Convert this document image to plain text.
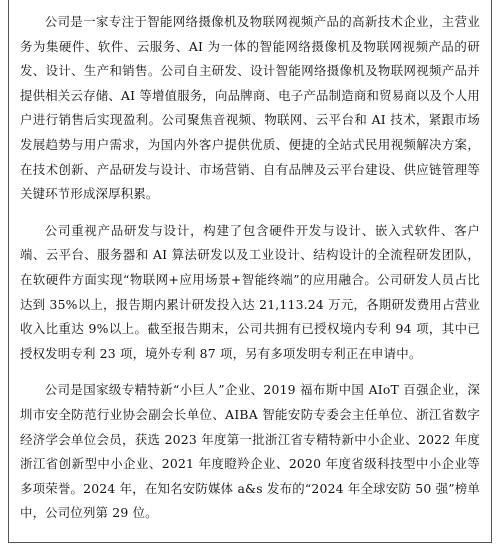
公司是一家专注于智能网络摄像机及物联网视频产品的高新技术企业，主营业务为集硬件、软件、云服务、AI 为一体的智能网络摄像机及物联网视频产品的研发、设计、生产和销售。公司自主研发、设计智能网络摄像机及物联网视频产品并提供相关云存储、AI 等增值服务，向品牌商、电子产品制造商和贸易商以及个人用户进行销售后实现盈利。公司聚焦音视频、物联网、云平台和 AI 技术，紧跟市场发展趋势与用户需求，为国内外客户提供优质、便捷的全站式民用视频解决方案，在技术创新、产品研发与设计、市场营销、自有品牌及云平台建设、供应链管理等关键环节形成深厚积累。

公司重视产品研发与设计，构建了包含硬件开发与设计、嵌入式软件、客户端、云平台、服务器和 AI 算法研发以及工业设计、结构设计的全流程研发团队，在软硬件方面实现“物联网+应用场景+智能终端”的应用融合。公司研发人员占比达到 35%以上，报告期内累计研发投入达 21,113.24 万元，各期研发费用占营业收入比重达 9%以上。截至报告期末，公司共拥有已授权境内专利 94 项，其中已授权发明专利 23 项，境外专利 87 项，另有多项发明专利正在申请中。

公司是国家级专精特新“小巨人”企业、2019 福布斯中国 AIoT 百强企业，深圳市安全防范行业协会副会长单位、AIBA 智能安防专委会主任单位、浙江省数字经济学会单位会员，获选 2023 年度第一批浙江省专精特新中小企业、2022 年度浙江省创新型中小企业、2021 年度瞪羚企业、2020 年度省级科技型中小企业等多项荣誉。2024 年，在知名安防媒体 a&s 发布的“2024 年全球安防 50 强”榜单中，公司位列第 29 位。
